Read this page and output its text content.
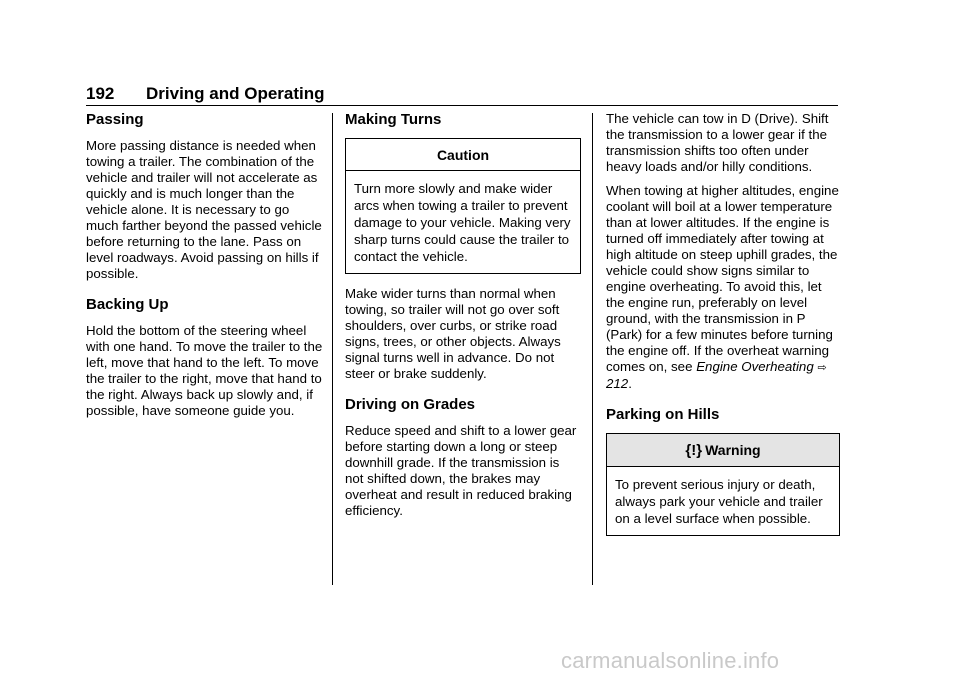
192 Driving and Operating
Passing

More passing distance is needed when towing a trailer. The combination of the vehicle and trailer will not accelerate as quickly and is much longer than the vehicle alone. It is necessary to go much farther beyond the passed vehicle before returning to the lane. Pass on level roadways. Avoid passing on hills if possible.

Backing Up

Hold the bottom of the steering wheel with one hand. To move the trailer to the left, move that hand to the left. To move the trailer to the right, move that hand to the right. Always back up slowly and, if possible, have someone guide you.

Making Turns
Caution
Turn more slowly and make wider arcs when towing a trailer to prevent damage to your vehicle. Making very sharp turns could cause the trailer to contact the vehicle.

Make wider turns than normal when towing, so trailer will not go over soft shoulders, over curbs, or strike road signs, trees, or other objects. Always signal turns well in advance. Do not steer or brake suddenly.

Driving on Grades

Reduce speed and shift to a lower gear before starting down a long or steep downhill grade. If the transmission is not shifted down, the brakes may overheat and result in reduced braking efficiency.

The vehicle can tow in D (Drive). Shift the transmission to a lower gear if the transmission shifts too often under heavy loads and/or hilly conditions.

When towing at higher altitudes, engine coolant will boil at a lower temperature than at lower altitudes. If the engine is turned off immediately after towing at high altitude on steep uphill grades, the vehicle could show signs similar to engine overheating. To avoid this, let the engine run, preferably on level ground, with the transmission in P (Park) for a few minutes before turning the engine off. If the overheat warning comes on, see Engine Overheating ⇨ 212.

Parking on Hills
{!} Warning
To prevent serious injury or death, always park your vehicle and trailer on a level surface when possible.
carmanualsonline.info
